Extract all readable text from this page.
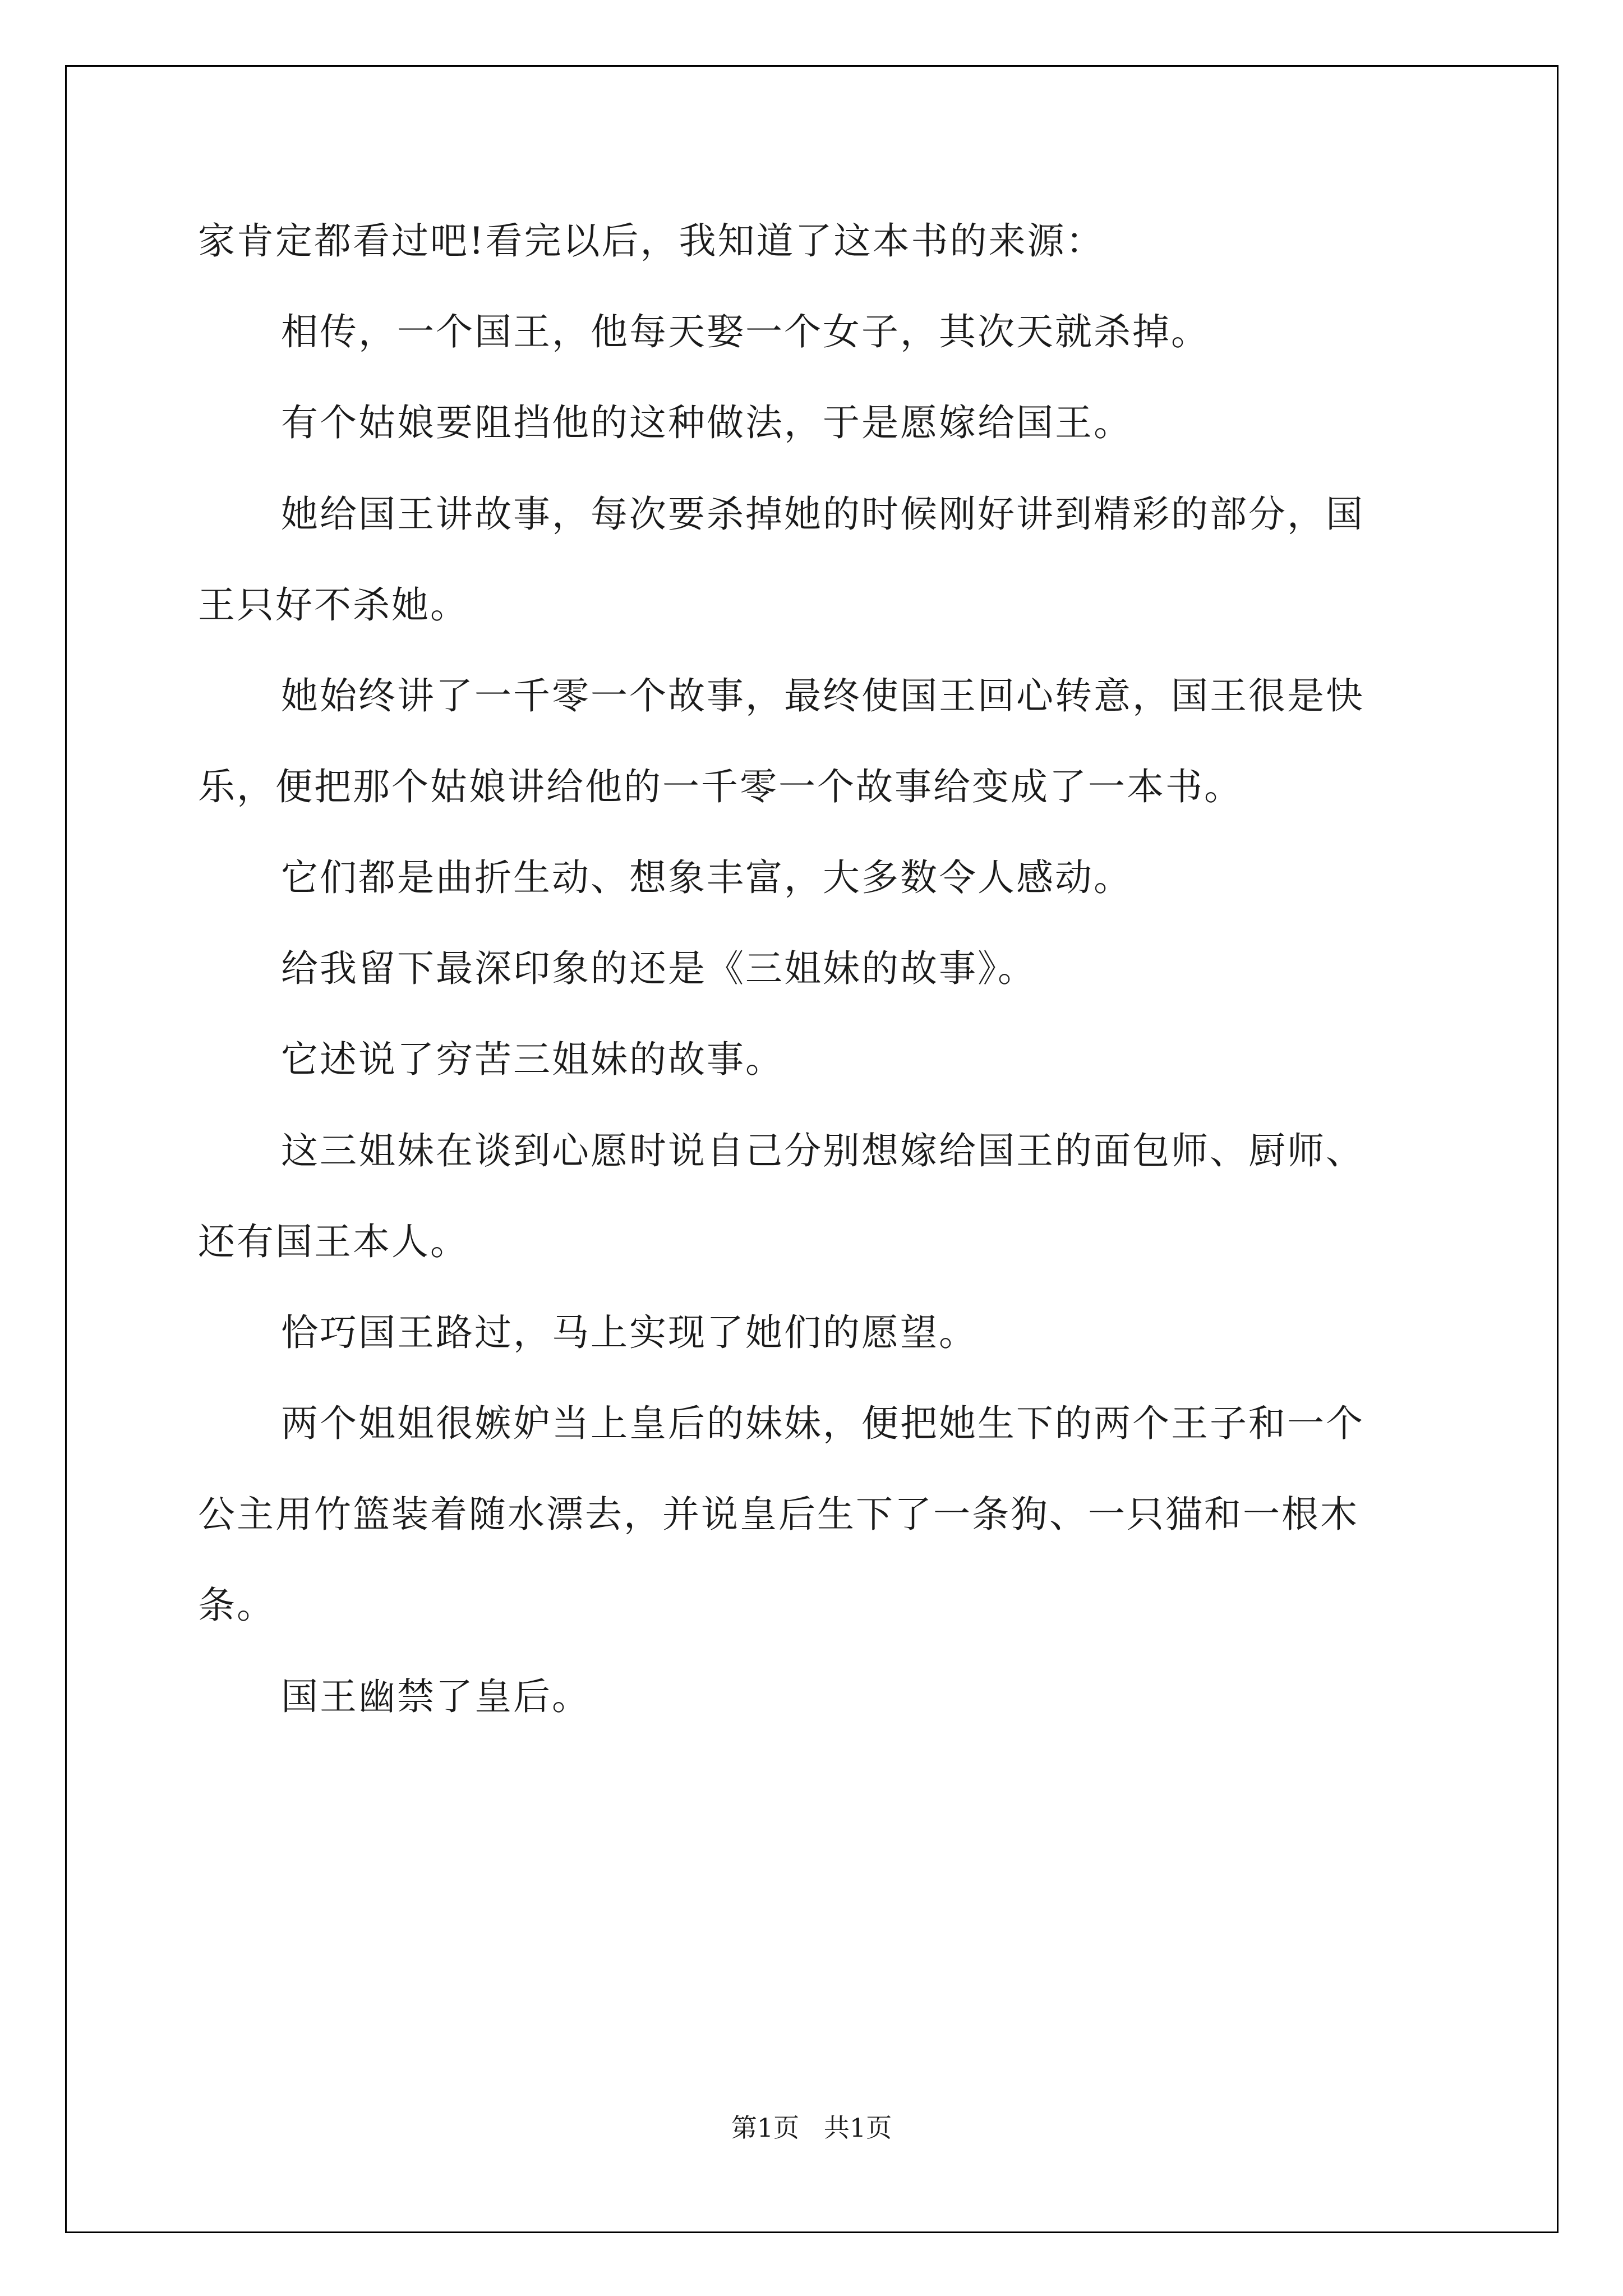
家肯定都看过吧!看完以后，我知道了这本书的来源：
相传，一个国王，他每天娶一个女子，其次天就杀掉。
有个姑娘要阻挡他的这种做法，于是愿嫁给国王。
她给国王讲故事，每次要杀掉她的时候刚好讲到精彩的部分，国
王只好不杀她。
她始终讲了一千零一个故事，最终使国王回心转意，国王很是快
乐，便把那个姑娘讲给他的一千零一个故事给变成了一本书。
它们都是曲折生动、想象丰富，大多数令人感动。
给我留下最深印象的还是《三姐妹的故事》。
它述说了穷苦三姐妹的故事。
这三姐妹在谈到心愿时说自己分别想嫁给国王的面包师、厨师、
还有国王本人。
恰巧国王路过，马上实现了她们的愿望。
两个姐姐很嫉妒当上皇后的妹妹，便把她生下的两个王子和一个
公主用竹篮装着随水漂去，并说皇后生下了一条狗、一只猫和一根木
条。
国王幽禁了皇后。
第1页   共1页
